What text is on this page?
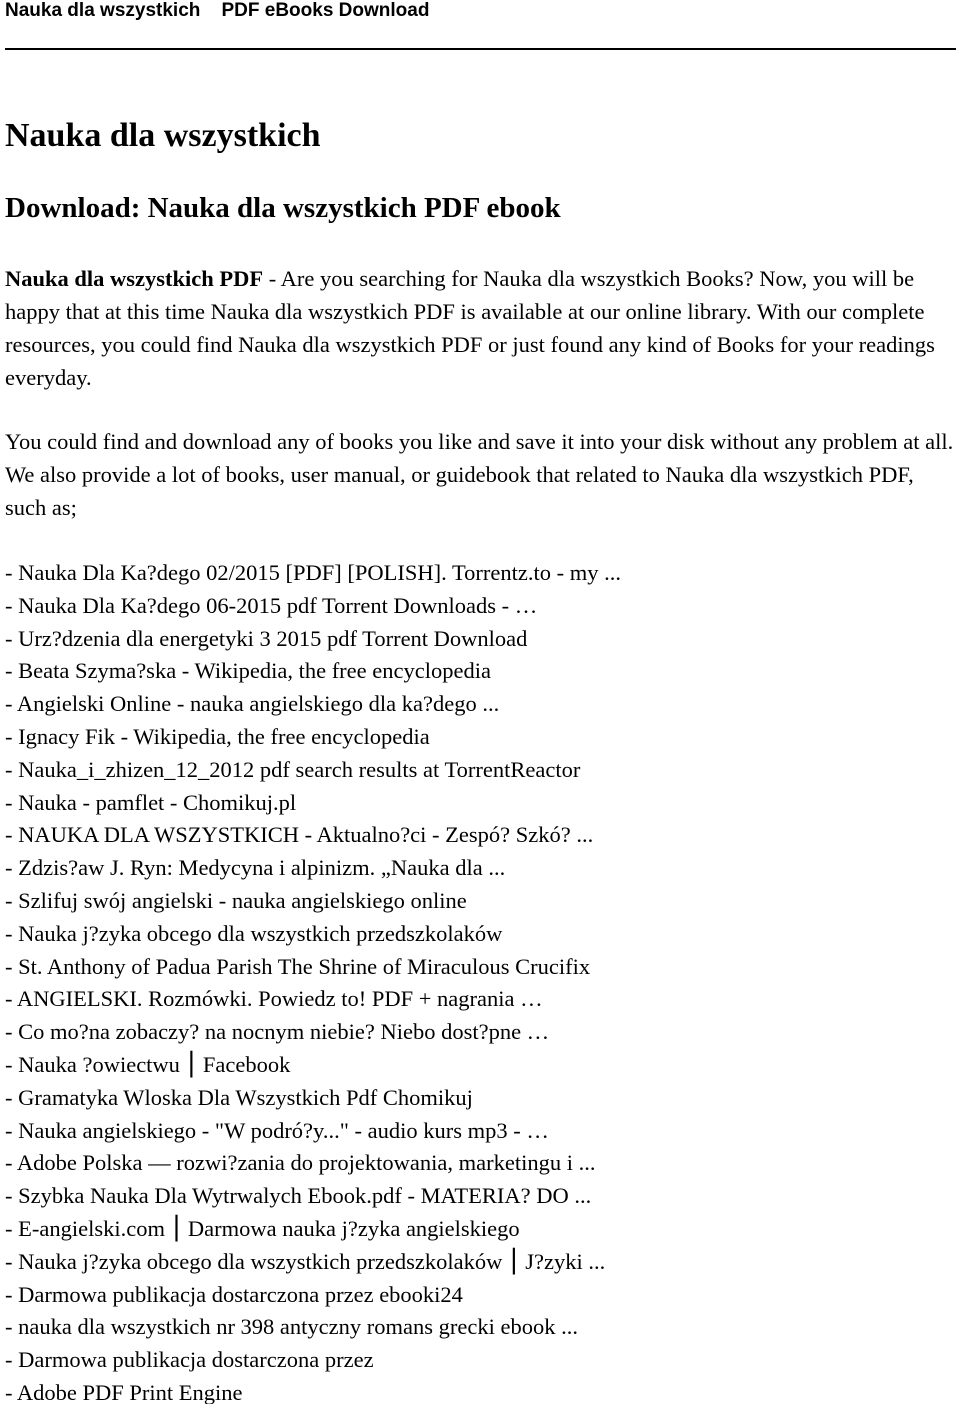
Nauka dla wszystkich    PDF eBooks Download
Nauka dla wszystkich
Download: Nauka dla wszystkich PDF ebook

Nauka dla wszystkich PDF - Are you searching for Nauka dla wszystkich Books? Now, you will be happy that at this time Nauka dla wszystkich PDF is available at our online library. With our complete resources, you could find Nauka dla wszystkich PDF or just found any kind of Books for your readings everyday.

You could find and download any of books you like and save it into your disk without any problem at all. We also provide a lot of books, user manual, or guidebook that related to Nauka dla wszystkich PDF, such as;

- Nauka Dla Ka?dego 02/2015 [PDF] [POLISH]. Torrentz.to - my ...
- Nauka Dla Ka?dego 06-2015 pdf Torrent Downloads - …
- Urz?dzenia dla energetyki 3 2015 pdf Torrent Download
- Beata Szyma?ska - Wikipedia, the free encyclopedia
- Angielski Online - nauka angielskiego dla ka?dego ...
- Ignacy Fik - Wikipedia, the free encyclopedia
- Nauka_i_zhizen_12_2012 pdf search results at TorrentReactor
- Nauka - pamflet - Chomikuj.pl
- NAUKA DLA WSZYSTKICH - Aktualno?ci - Zespó? Szkó? ...
- Zdzis?aw J. Ryn: Medycyna i alpinizm. „Nauka dla ...
- Szlifuj swój angielski - nauka angielskiego online
- Nauka j?zyka obcego dla wszystkich przedszkolaków
- St. Anthony of Padua Parish The Shrine of Miraculous Crucifix
- ANGIELSKI. Rozmówki. Powiedz to! PDF + nagrania …
- Co mo?na zobaczy? na nocnym niebie? Niebo dost?pne …
- Nauka ?owiectwu ⎮ Facebook
- Gramatyka Wloska Dla Wszystkich Pdf Chomikuj
- Nauka angielskiego - "W podró?y..." - audio kurs mp3 - …
- Adobe Polska — rozwi?zania do projektowania, marketingu i ...
- Szybka Nauka Dla Wytrwalych Ebook.pdf - MATERIA? DO ...
- E-angielski.com ⎮ Darmowa nauka j?zyka angielskiego
- Nauka j?zyka obcego dla wszystkich przedszkolaków ⎮ J?zyki ...
- Darmowa publikacja dostarczona przez ebooki24
- nauka dla wszystkich nr 398 antyczny romans grecki ebook ...
- Darmowa publikacja dostarczona przez
- Adobe PDF Print Engine
